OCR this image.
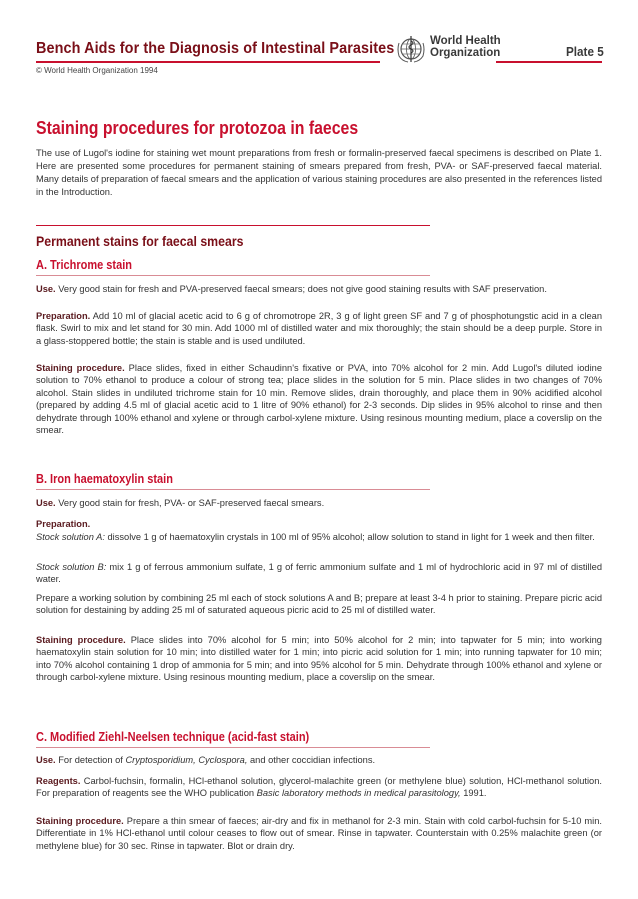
Bench Aids for the Diagnosis of Intestinal Parasites
© World Health Organization 1994
World Health
Organization	Plate 5
Staining procedures for protozoa in faeces
The use of Lugol's iodine for staining wet mount preparations from fresh or formalin-preserved faecal specimens is described on Plate 1. Here are presented some procedures for permanent staining of smears prepared from fresh, PVA- or SAF-preserved faecal material. Many details of preparation of faecal smears and the application of various staining procedures are also presented in the references listed in the Introduction.
Permanent stains for faecal smears
A. Trichrome stain
Use. Very good stain for fresh and PVA-preserved faecal smears; does not give good staining results with SAF preservation.
Preparation. Add 10 ml of glacial acetic acid to 6 g of chromotrope 2R, 3 g of light green SF and 7 g of phosphotungstic acid in a clean flask. Swirl to mix and let stand for 30 min. Add 1000 ml of distilled water and mix thoroughly; the stain should be a deep purple. Store in a glass-stoppered bottle; the stain is stable and is used undiluted.
Staining procedure. Place slides, fixed in either Schaudinn's fixative or PVA, into 70% alcohol for 2 min. Add Lugol's diluted iodine solution to 70% ethanol to produce a colour of strong tea; place slides in the solution for 5 min. Place slides in two changes of 70% alcohol. Stain slides in undiluted trichrome stain for 10 min. Remove slides, drain thoroughly, and place them in 90% acidified alcohol (prepared by adding 4.5 ml of glacial acetic acid to 1 litre of 90% ethanol) for 2-3 seconds. Dip slides in 95% alcohol to rinse and then dehydrate through 100% ethanol and xylene or through carbol-xylene mixture. Using resinous mounting medium, place a coverslip on the smear.
B. Iron haematoxylin stain
Use. Very good stain for fresh, PVA- or SAF-preserved faecal smears.
Preparation.
Stock solution A: dissolve 1 g of haematoxylin crystals in 100 ml of 95% alcohol; allow solution to stand in light for 1 week and then filter.
Stock solution B: mix 1 g of ferrous ammonium sulfate, 1 g of ferric ammonium sulfate and 1 ml of hydrochloric acid in 97 ml of distilled water.
Prepare a working solution by combining 25 ml each of stock solutions A and B; prepare at least 3-4 h prior to staining. Prepare picric acid solution for destaining by adding 25 ml of saturated aqueous picric acid to 25 ml of distilled water.
Staining procedure. Place slides into 70% alcohol for 5 min; into 50% alcohol for 2 min; into tapwater for 5 min; into working haematoxylin stain solution for 10 min; into distilled water for 1 min; into picric acid solution for 1 min; into running tapwater for 10 min; into 70% alcohol containing 1 drop of ammonia for 5 min; and into 95% alcohol for 5 min. Dehydrate through 100% ethanol and xylene or through carbol-xylene mixture. Using resinous mounting medium, place a coverslip on the smear.
C. Modified Ziehl-Neelsen technique (acid-fast stain)
Use. For detection of Cryptosporidium, Cyclospora, and other coccidian infections.
Reagents. Carbol-fuchsin, formalin, HCl-ethanol solution, glycerol-malachite green (or methylene blue) solution, HCl-methanol solution. For preparation of reagents see the WHO publication Basic laboratory methods in medical parasitology, 1991.
Staining procedure. Prepare a thin smear of faeces; air-dry and fix in methanol for 2-3 min. Stain with cold carbol-fuchsin for 5-10 min. Differentiate in 1% HCl-ethanol until colour ceases to flow out of smear. Rinse in tapwater. Counterstain with 0.25% malachite green (or methylene blue) for 30 sec. Rinse in tapwater. Blot or drain dry.
